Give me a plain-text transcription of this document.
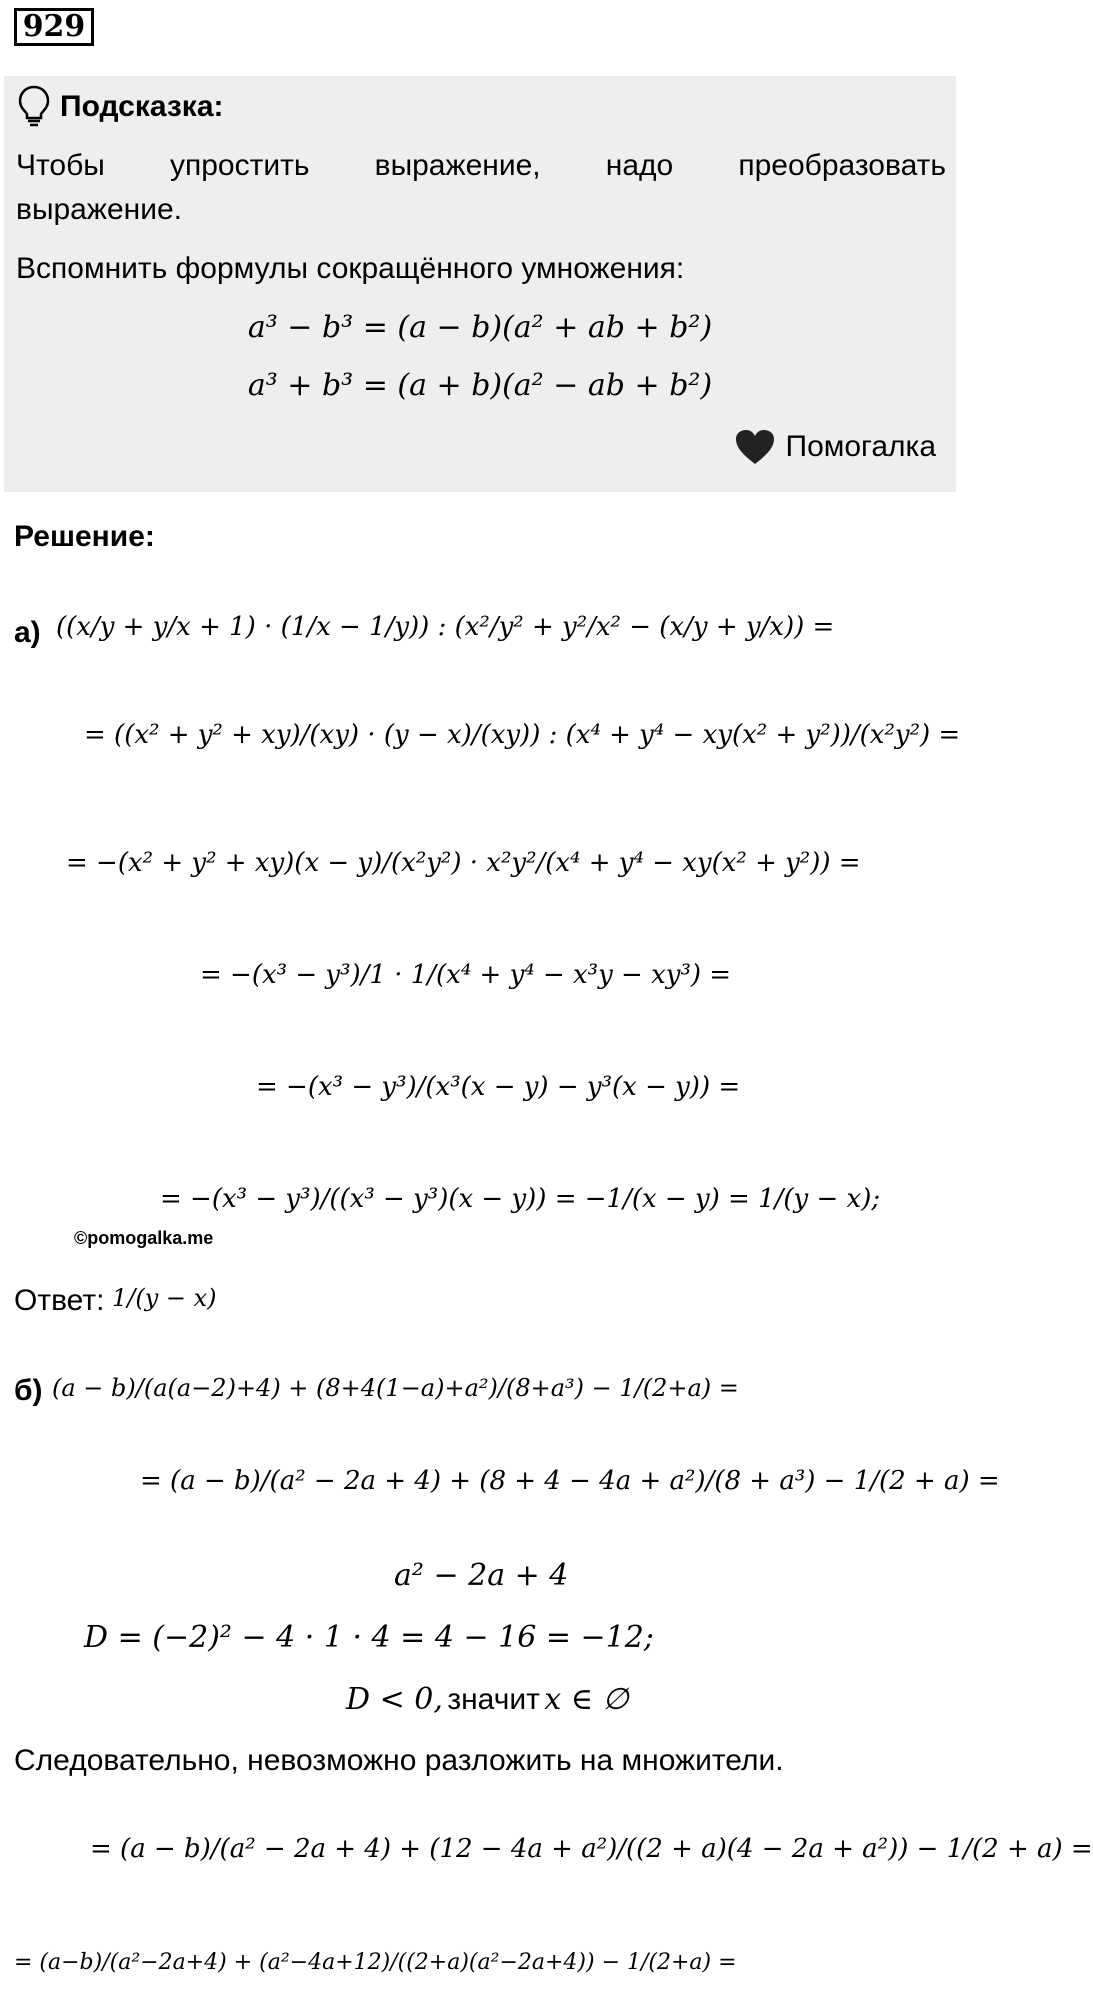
929
Подсказка:
Чтобы упростить выражение, надо преобразовать
выражение.
Вспомнить формулы сокращённого умножения:
a³ − b³ = (a − b)(a² + ab + b²)
a³ + b³ = (a + b)(a² − ab + b²)
Помогалка
Решение:
а) ((x/y + y/x + 1) · (1/x − 1/y)) : (x²/y² + y²/x² − (x/y + y/x)) =
= ((x² + y² + xy)/(xy) · (y − x)/(xy)) : (x⁴ + y⁴ − xy(x² + y²))/(x²y²) =
= −(x² + y² + xy)(x − y)/(x²y²) · x²y²/(x⁴ + y⁴ − xy(x² + y²)) =
= −(x³ − y³)/1 · 1/(x⁴ + y⁴ − x³y − xy³) =
= −(x³ − y³)/(x³(x − y) − y³(x − y)) =
= −(x³ − y³)/((x³ − y³)(x − y)) = −1/(x − y) = 1/(y − x);
©pomogalka.me
Ответ: 1/(y − x)
б) (a − b)/(a(a−2)+4) + (8+4(1−a)+a²)/(8+a³) − 1/(2+a) =
= (a − b)/(a² − 2a + 4) + (8 + 4 − 4a + a²)/(8 + a³) − 1/(2 + a) =
a² − 2a + 4
D = (−2)² − 4 · 1 · 4 = 4 − 16 = −12;
D < 0, значит x ∈ ∅
Следовательно, невозможно разложить на множители.
= (a − b)/(a² − 2a + 4) + (12 − 4a + a²)/((2 + a)(4 − 2a + a²)) − 1/(2 + a) =
= (a−b)/(a²−2a+4) + (a²−4a+12)/((2+a)(a²−2a+4)) − 1/(2+a) =
